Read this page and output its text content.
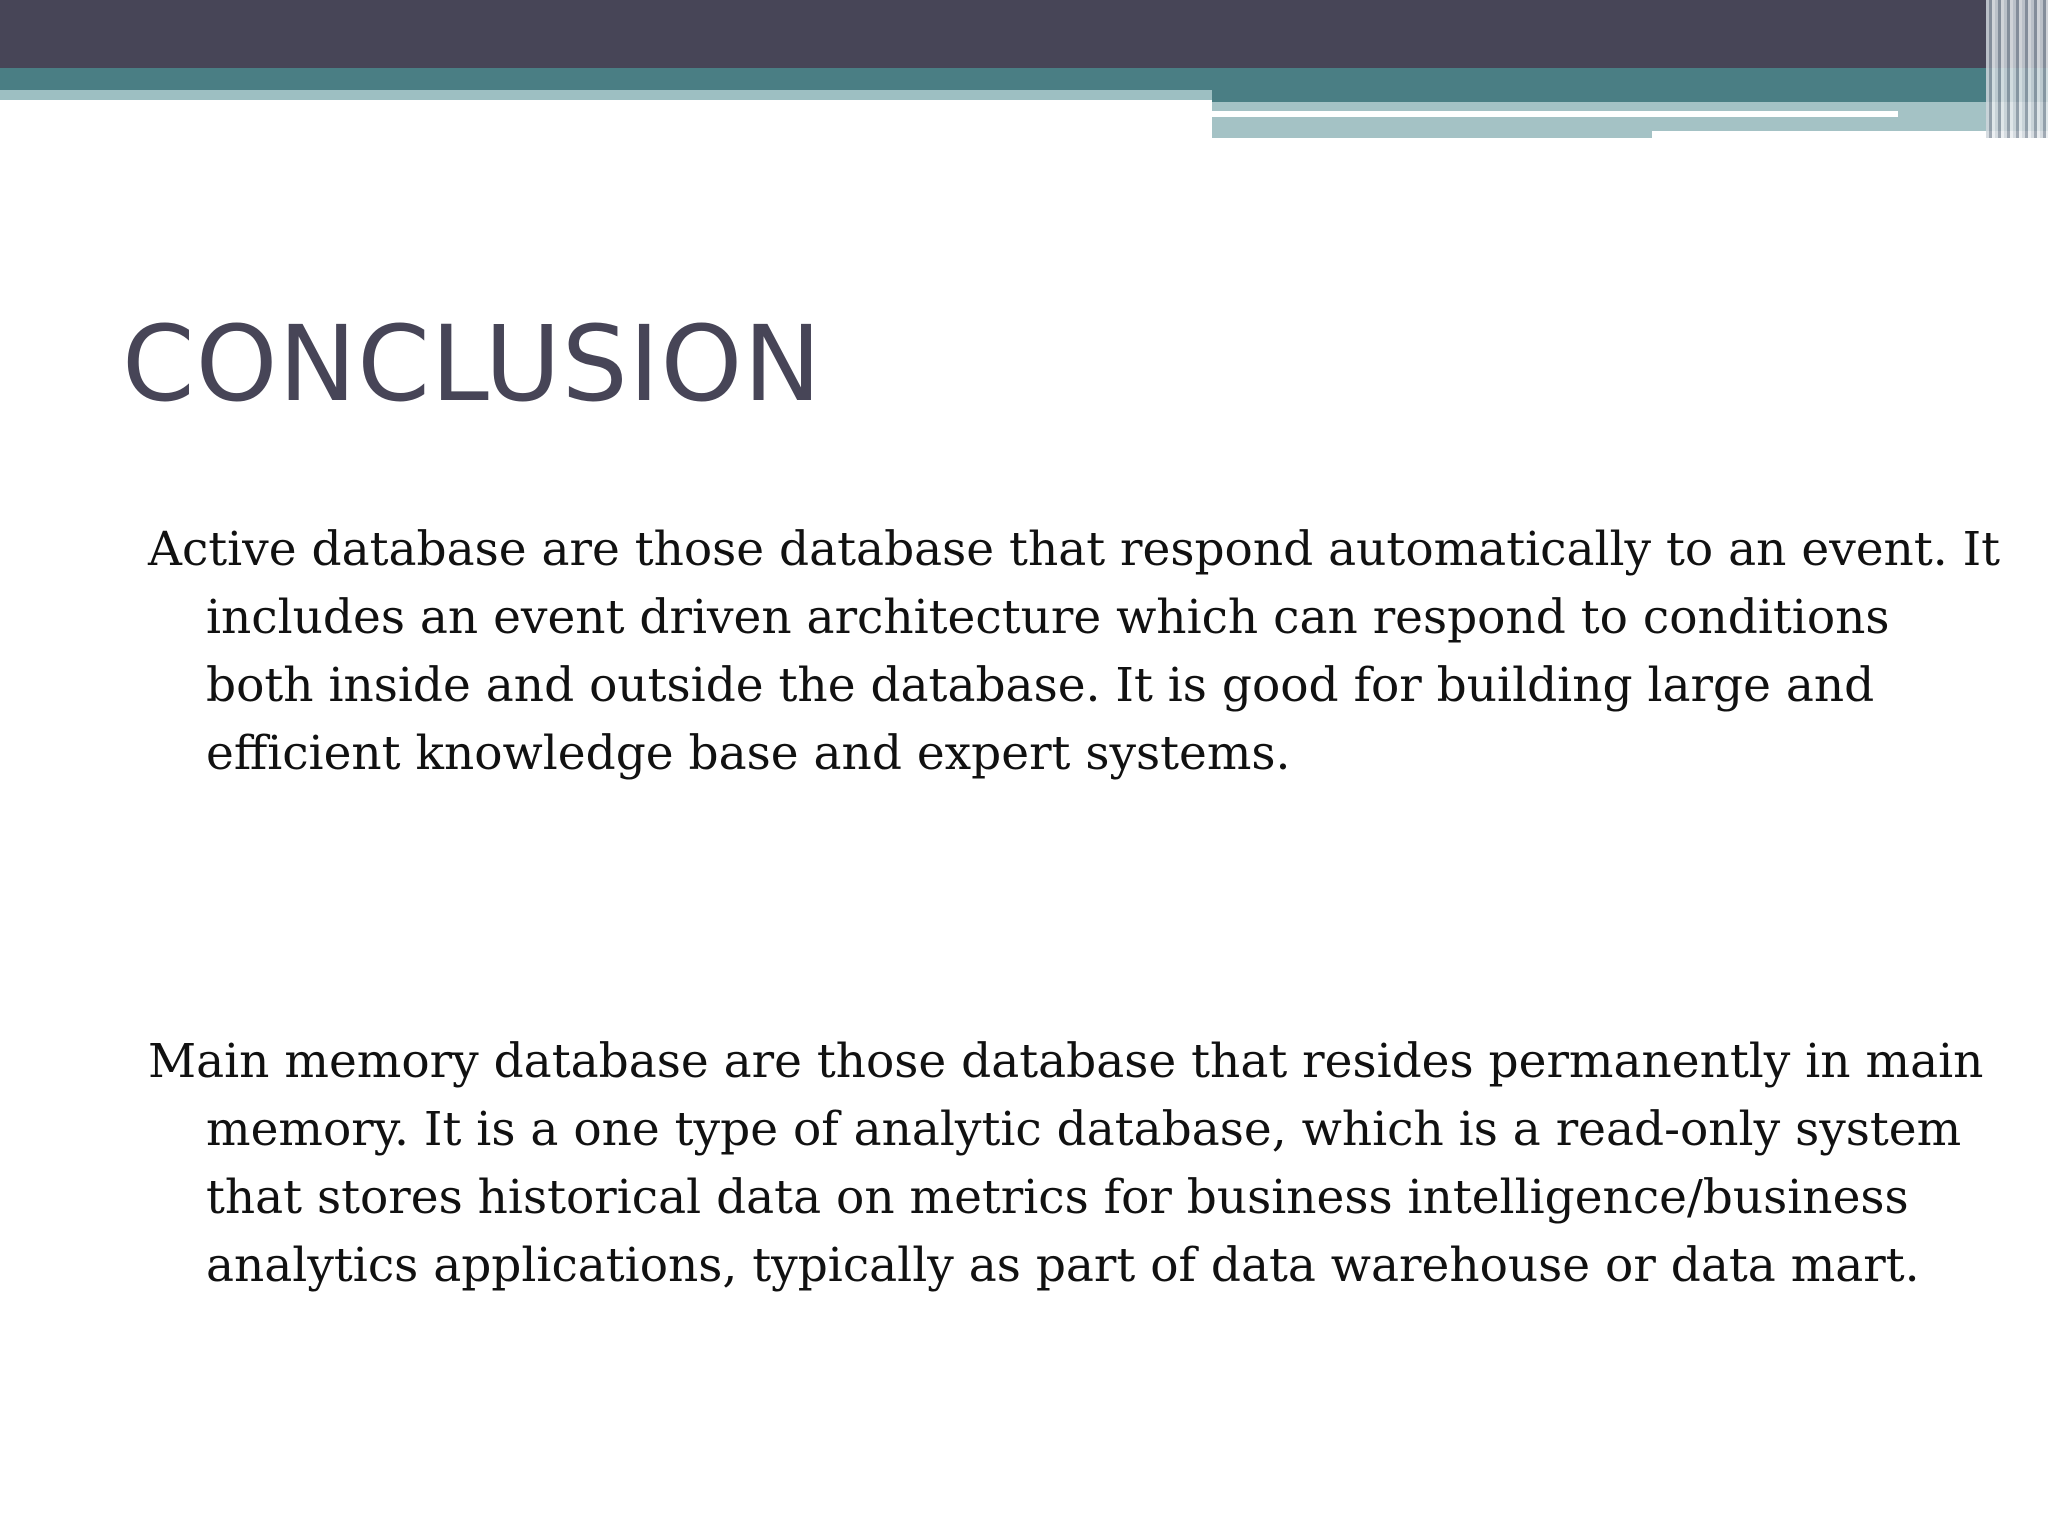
CONCLUSION

Active database are those database that respond automatically to an event. It includes an event driven architecture which can respond to conditions both inside and outside the database. It is good for building large and efficient knowledge base and expert systems.

Main memory database are those database that resides permanently in main memory. It is a one type of analytic database, which is a read-only system that stores historical data on metrics for business intelligence/business analytics applications, typically as part of data warehouse or data mart.
